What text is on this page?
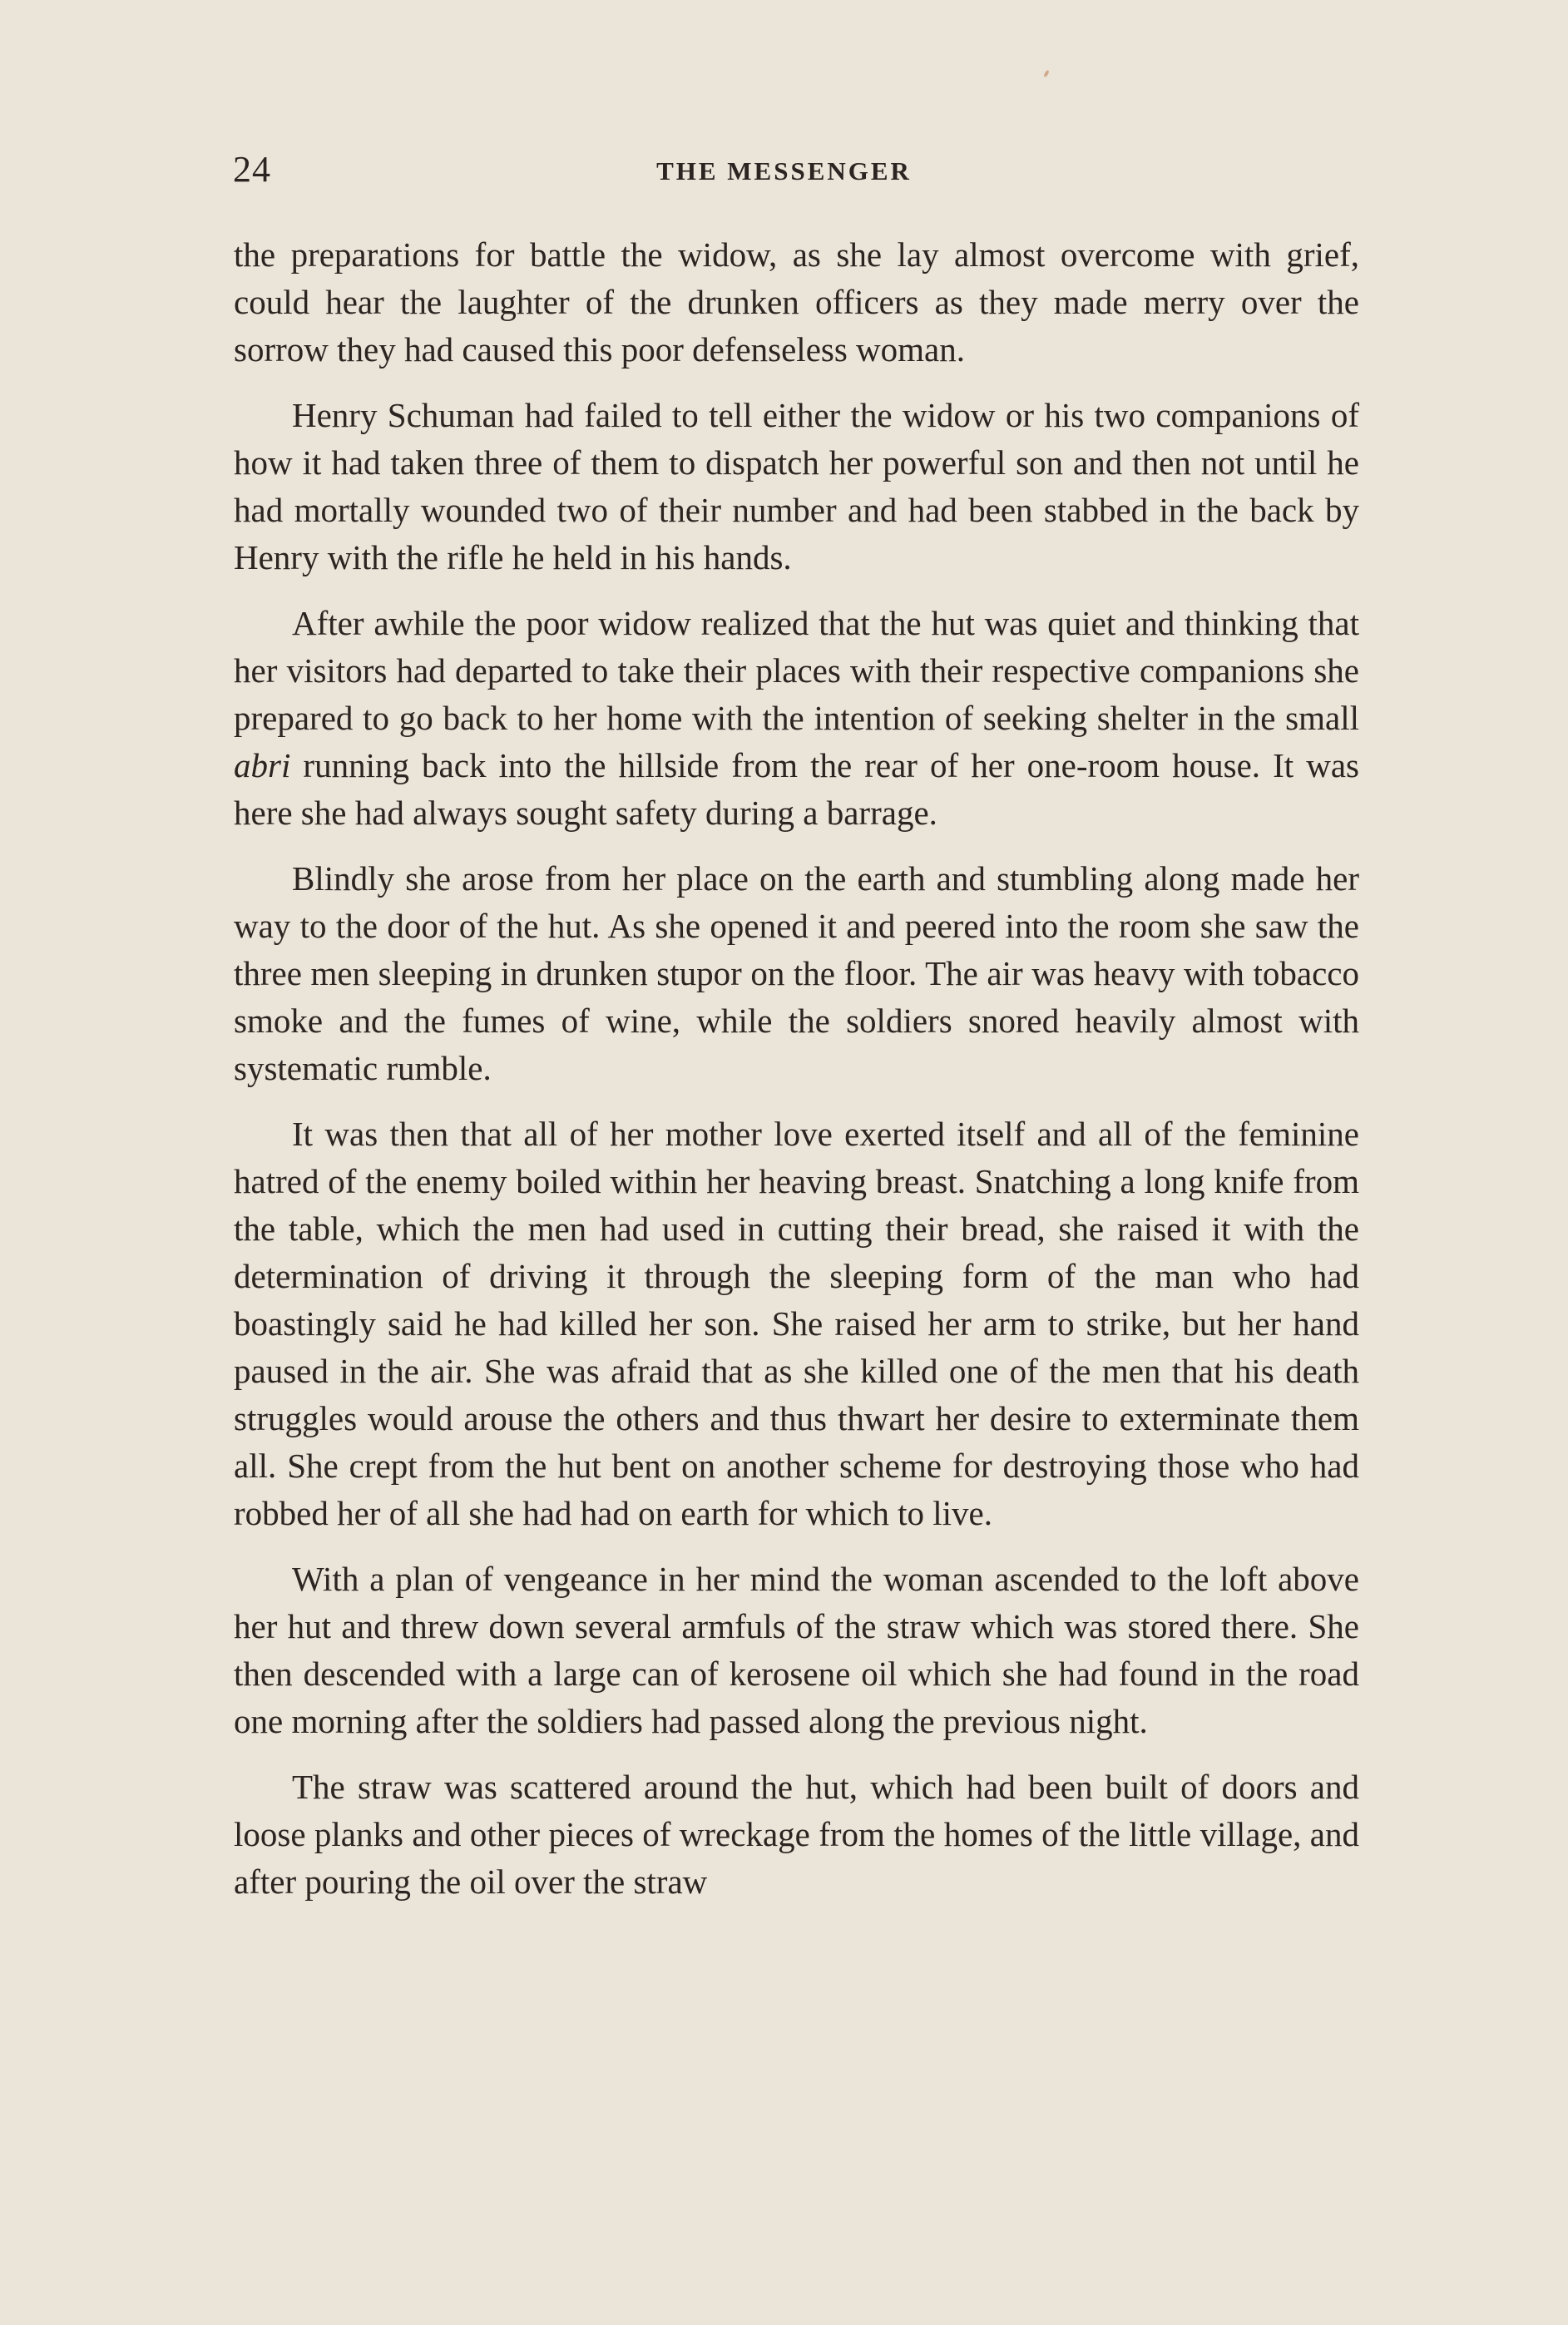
24	THE MESSENGER

the preparations for battle the widow, as she lay almost overcome with grief, could hear the laughter of the drunken officers as they made merry over the sorrow they had caused this poor defenseless woman.

Henry Schuman had failed to tell either the widow or his two companions of how it had taken three of them to dispatch her powerful son and then not until he had mortally wounded two of their number and had been stabbed in the back by Henry with the rifle he held in his hands.

After awhile the poor widow realized that the hut was quiet and thinking that her visitors had departed to take their places with their respective companions she prepared to go back to her home with the intention of seeking shelter in the small abri running back into the hillside from the rear of her one-room house. It was here she had always sought safety during a barrage.

Blindly she arose from her place on the earth and stumbling along made her way to the door of the hut. As she opened it and peered into the room she saw the three men sleeping in drunken stupor on the floor. The air was heavy with tobacco smoke and the fumes of wine, while the soldiers snored heavily almost with systematic rumble.

It was then that all of her mother love exerted itself and all of the feminine hatred of the enemy boiled within her heaving breast. Snatching a long knife from the table, which the men had used in cutting their bread, she raised it with the determination of driving it through the sleeping form of the man who had boastingly said he had killed her son. She raised her arm to strike, but her hand paused in the air. She was afraid that as she killed one of the men that his death struggles would arouse the others and thus thwart her desire to exterminate them all. She crept from the hut bent on another scheme for destroying those who had robbed her of all she had had on earth for which to live.

With a plan of vengeance in her mind the woman ascended to the loft above her hut and threw down several armfuls of the straw which was stored there. She then descended with a large can of kerosene oil which she had found in the road one morning after the soldiers had passed along the previous night.

The straw was scattered around the hut, which had been built of doors and loose planks and other pieces of wreckage from the homes of the little village, and after pouring the oil over the straw
